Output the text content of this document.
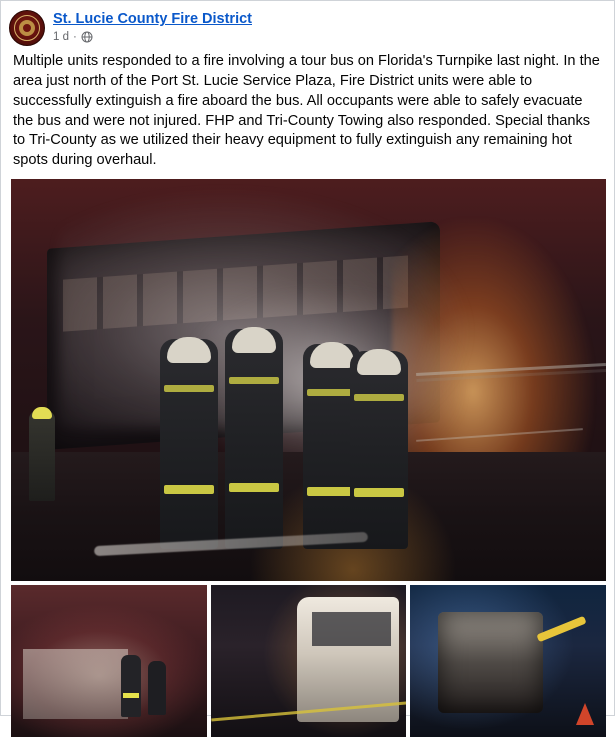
St. Lucie County Fire District
1 d ·
Multiple units responded to a fire involving a tour bus on Florida's Turnpike last night. In the area just north of the Port St. Lucie Service Plaza, Fire District units were able to successfully extinguish a fire aboard the bus. All occupants were able to safely evacuate the bus and were not injured. FHP and Tri-County Towing also responded. Special thanks to Tri-County as we utilized their heavy equipment to fully extinguish any remaining hot spots during overhaul.
